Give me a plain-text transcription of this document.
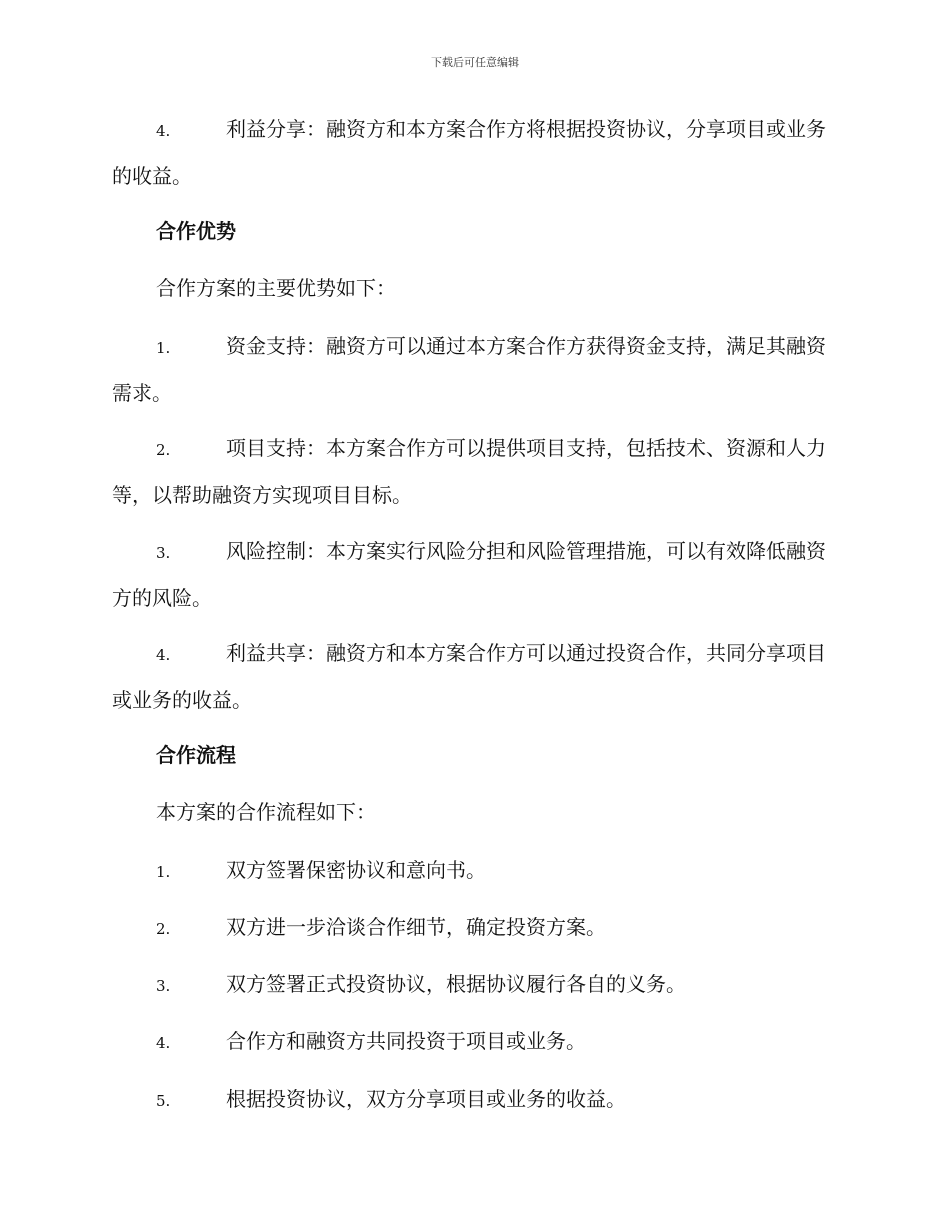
下载后可任意编辑
4.	利益分享：融资方和本方案合作方将根据投资协议，分享项目或业务的收益。
合作优势
合作方案的主要优势如下：
1.	资金支持：融资方可以通过本方案合作方获得资金支持，满足其融资需求。
2.	项目支持：本方案合作方可以提供项目支持，包括技术、资源和人力等，以帮助融资方实现项目目标。
3.	风险控制：本方案实行风险分担和风险管理措施，可以有效降低融资方的风险。
4.	利益共享：融资方和本方案合作方可以通过投资合作，共同分享项目或业务的收益。
合作流程
本方案的合作流程如下：
1.	双方签署保密协议和意向书。
2.	双方进一步洽谈合作细节，确定投资方案。
3.	双方签署正式投资协议，根据协议履行各自的义务。
4.	合作方和融资方共同投资于项目或业务。
5.	根据投资协议，双方分享项目或业务的收益。
